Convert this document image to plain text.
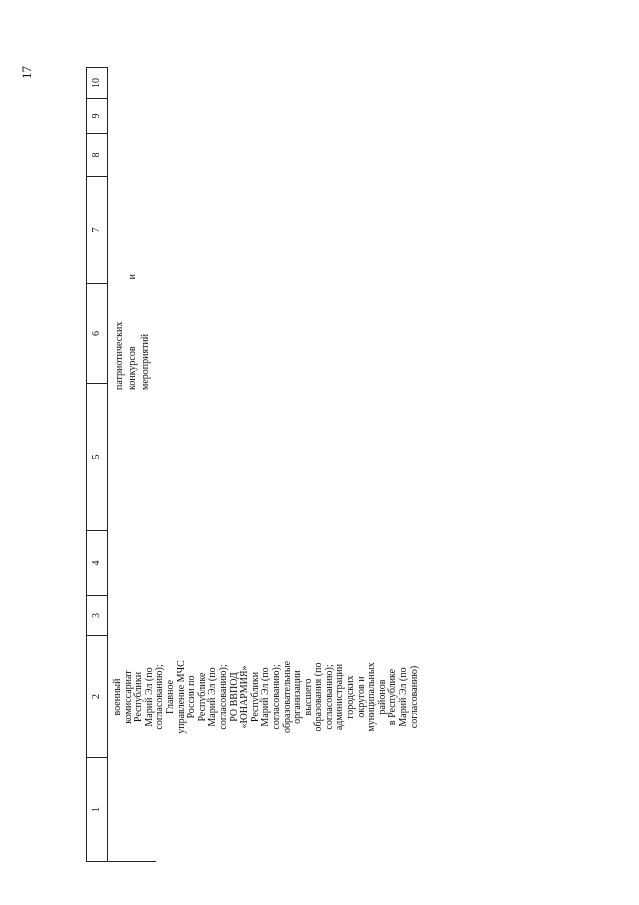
17
1
2
3
4
5
6
7
8
9
10
военный комиссариат Республики Марий Эл (по согласованию); Главное управление МЧС России по Республике Марий Эл (по согласованию); РО ВВПОД «ЮНАРМИЯ» Республики Марий Эл (по согласованию); образовательные организации высшего образования (по согласованию); администрации городских округов и муниципальных районов в Республике Марий Эл (по согласованию)
патриотических конкурсов
и
мероприятий
